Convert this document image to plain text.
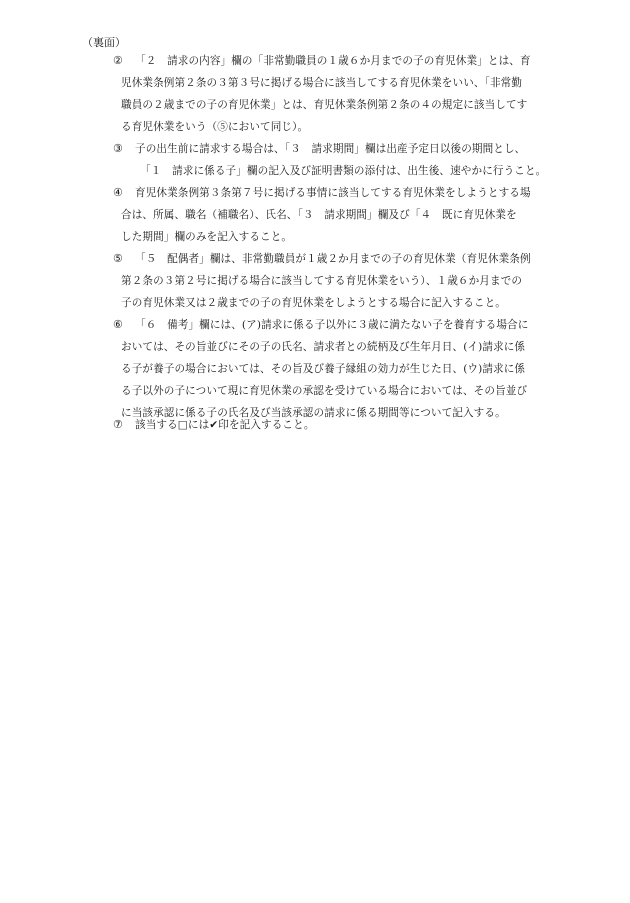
（裏面）
② 「２　請求の内容」欄の「非常勤職員の１歳６か月までの子の育児休業」とは、育
児休業条例第２条の３第３号に掲げる場合に該当してする育児休業をいい、「非常勤
職員の２歳までの子の育児休業」とは、育児休業条例第２条の４の規定に該当してす
る育児休業をいう（⑤において同じ）。
③ 子の出生前に請求する場合は、「３　請求期間」欄は出産予定日以後の期間とし、
「１　請求に係る子」欄の記入及び証明書類の添付は、出生後、速やかに行うこと。
④ 育児休業条例第３条第７号に掲げる事情に該当してする育児休業をしようとする場
合は、所属、職名（補職名）、氏名、「３　請求期間」欄及び「４　既に育児休業を
した期間」欄のみを記入すること。
⑤ 「５　配偶者」欄は、非常勤職員が１歳２か月までの子の育児休業（育児休業条例
第２条の３第２号に掲げる場合に該当してする育児休業をいう）、１歳６か月までの
子の育児休業又は２歳までの子の育児休業をしようとする場合に記入すること。
⑥ 「６　備考」欄には、(ア)請求に係る子以外に３歳に満たない子を養育する場合に
おいては、その旨並びにその子の氏名、請求者との続柄及び生年月日、(イ)請求に係
る子が養子の場合においては、その旨及び養子縁組の効力が生じた日、(ウ)請求に係
る子以外の子について現に育児休業の承認を受けている場合においては、その旨並び
に当該承認に係る子の氏名及び当該承認の請求に係る期間等について記入する。
⑦ 該当する□には✔印を記入すること。
